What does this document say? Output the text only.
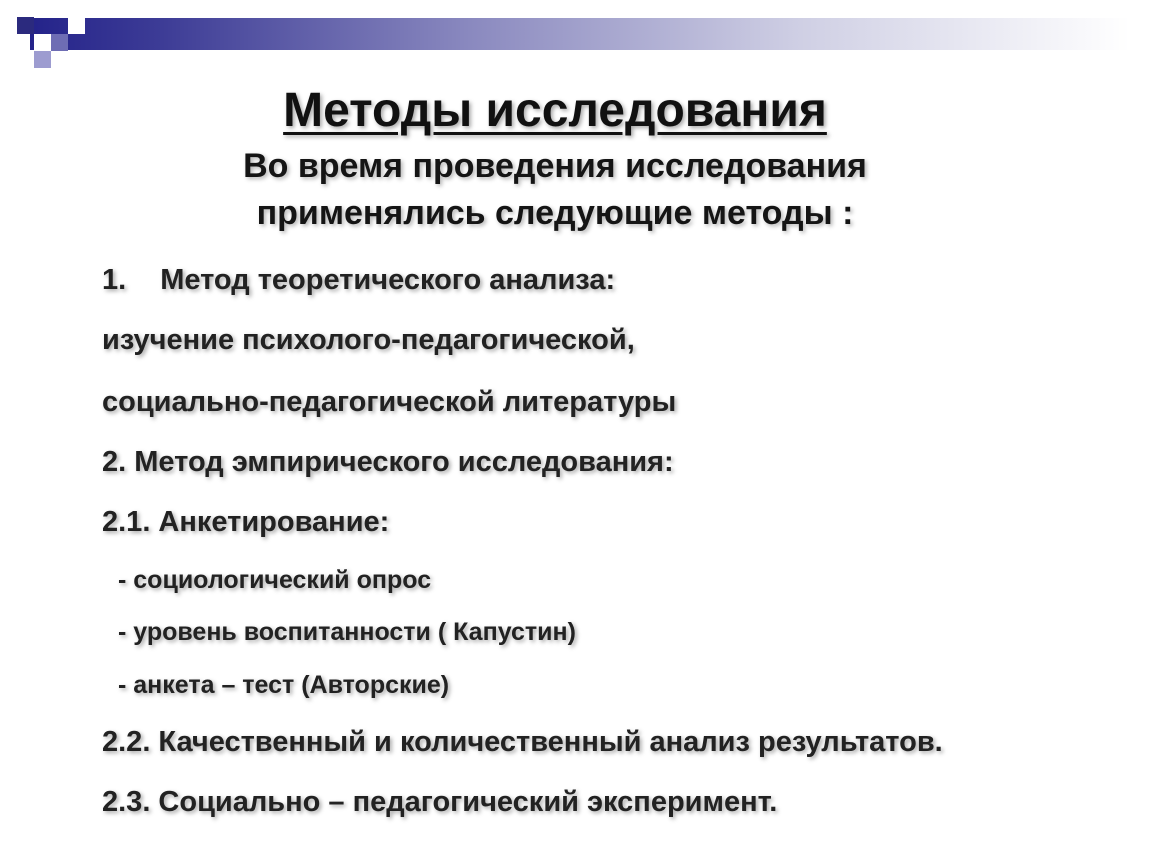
Методы исследования
Во время проведения исследования
применялись следующие методы :
1. Метод теоретического анализа:
изучение психолого-педагогической,
социально-педагогической литературы
2. Метод эмпирического исследования:
2.1. Анкетирование:
- социологический опрос
- уровень воспитанности ( Капустин)
- анкета – тест (Авторские)
2.2. Качественный и количественный анализ результатов.
2.3. Социально – педагогический эксперимент.
